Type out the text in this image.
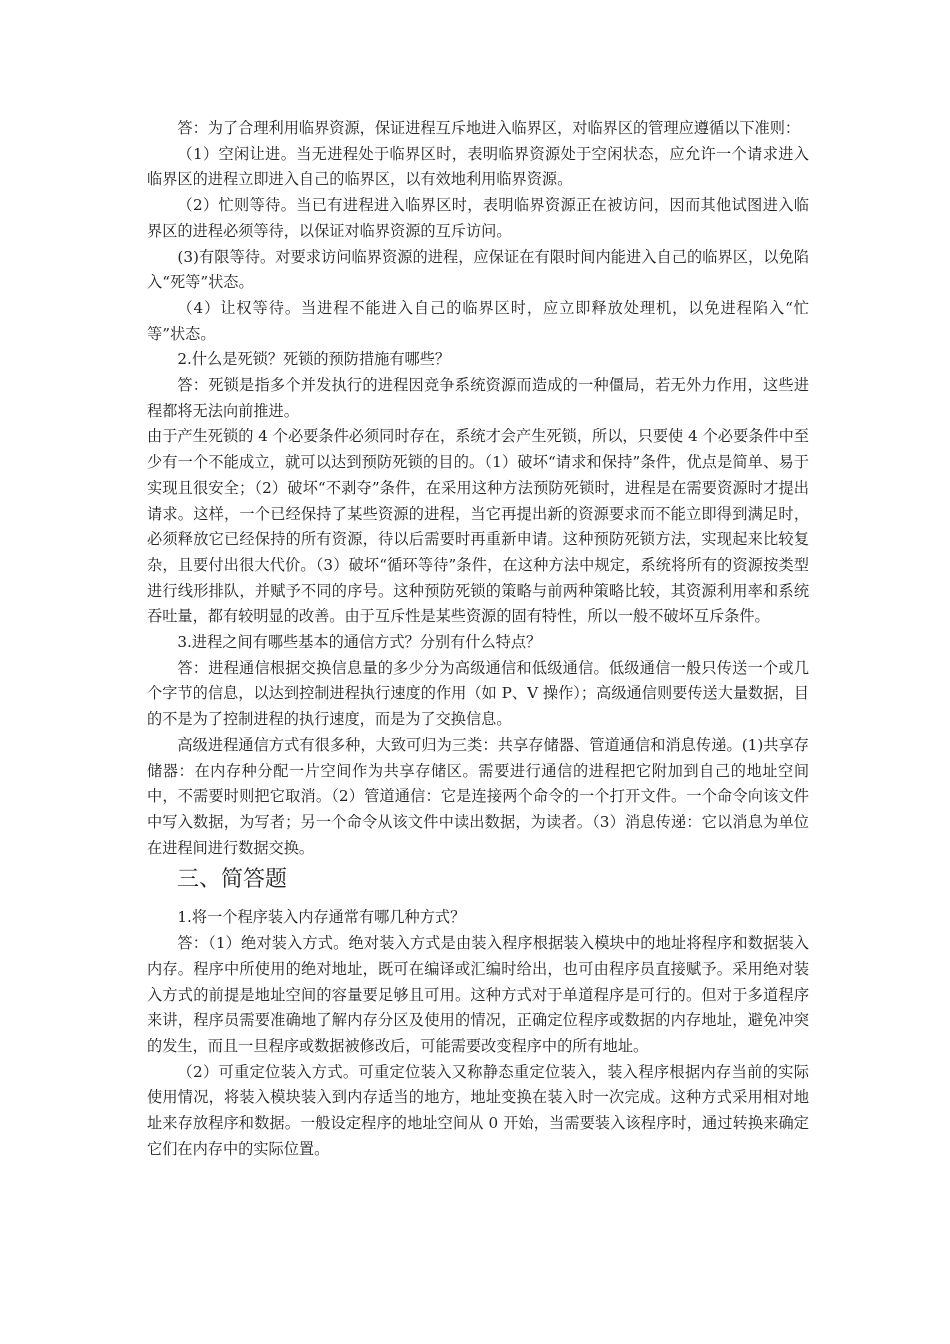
答：为了合理利用临界资源，保证进程互斥地进入临界区，对临界区的管理应遵循以下准则：

（1）空闲让进。当无进程处于临界区时，表明临界资源处于空闲状态，应允许一个请求进入临界区的进程立即进入自己的临界区，以有效地利用临界资源。

（2）忙则等待。当已有进程进入临界区时，表明临界资源正在被访问，因而其他试图进入临界区的进程必须等待，以保证对临界资源的互斥访问。

(3)有限等待。对要求访问临界资源的进程，应保证在有限时间内能进入自己的临界区，以免陷入“死等”状态。

（4）让权等待。当进程不能进入自己的临界区时，应立即释放处理机，以免进程陷入“忙等”状态。

2.什么是死锁？死锁的预防措施有哪些？

答：死锁是指多个并发执行的进程因竞争系统资源而造成的一种僵局，若无外力作用，这些进程都将无法向前推进。

由于产生死锁的 4 个必要条件必须同时存在，系统才会产生死锁，所以，只要使 4 个必要条件中至少有一个不能成立，就可以达到预防死锁的目的。（1）破坏“请求和保持”条件，优点是简单、易于实现且很安全；（2）破坏“不剥夺”条件，在采用这种方法预防死锁时，进程是在需要资源时才提出请求。这样，一个已经保持了某些资源的进程，当它再提出新的资源要求而不能立即得到满足时，必须释放它已经保持的所有资源，待以后需要时再重新申请。这种预防死锁方法，实现起来比较复杂，且要付出很大代价。（3）破坏“循环等待”条件，在这种方法中规定，系统将所有的资源按类型进行线形排队，并赋予不同的序号。这种预防死锁的策略与前两种策略比较，其资源利用率和系统吞吐量，都有较明显的改善。由于互斥性是某些资源的固有特性，所以一般不破坏互斥条件。

3.进程之间有哪些基本的通信方式？分别有什么特点？

答：进程通信根据交换信息量的多少分为高级通信和低级通信。低级通信一般只传送一个或几个字节的信息，以达到控制进程执行速度的作用（如 P、V 操作）；高级通信则要传送大量数据，目的不是为了控制进程的执行速度，而是为了交换信息。

高级进程通信方式有很多种，大致可归为三类：共享存储器、管道通信和消息传递。(1)共享存储器：在内存种分配一片空间作为共享存储区。需要进行通信的进程把它附加到自己的地址空间中，不需要时则把它取消。（2）管道通信：它是连接两个命令的一个打开文件。一个命令向该文件中写入数据，为写者；另一个命令从该文件中读出数据，为读者。（3）消息传递：它以消息为单位在进程间进行数据交换。

三、简答题

1.将一个程序装入内存通常有哪几种方式？

答：（1）绝对装入方式。绝对装入方式是由装入程序根据装入模块中的地址将程序和数据装入内存。程序中所使用的绝对地址，既可在编译或汇编时给出，也可由程序员直接赋予。采用绝对装入方式的前提是地址空间的容量要足够且可用。这种方式对于单道程序是可行的。但对于多道程序来讲，程序员需要准确地了解内存分区及使用的情况，正确定位程序或数据的内存地址，避免冲突的发生，而且一旦程序或数据被修改后，可能需要改变程序中的所有地址。

（2）可重定位装入方式。可重定位装入又称静态重定位装入，装入程序根据内存当前的实际使用情况，将装入模块装入到内存适当的地方，地址变换在装入时一次完成。这种方式采用相对地址来存放程序和数据。一般设定程序的地址空间从 0 开始，当需要装入该程序时，通过转换来确定它们在内存中的实际位置。
